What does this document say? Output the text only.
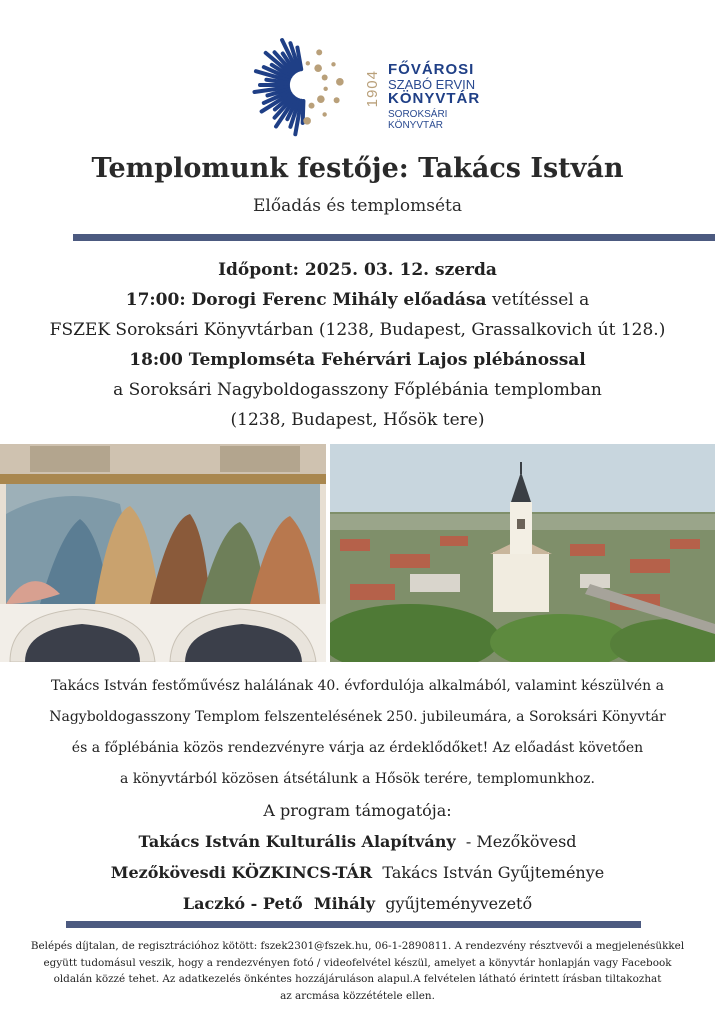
1904
FŐVÁROSI
SZABÓ ERVIN
KÖNYVTÁR
SOROKSÁRI KÖNYVTÁR
Templomunk festője: Takács István
Előadás és templomséta
Időpont: 2025. 03. 12. szerda
17:00: Dorogi Ferenc Mihály előadása vetítéssel a
FSZEK Soroksári Könyvtárban (1238, Budapest, Grassalkovich út 128.)
18:00 Templomséta Fehérvári Lajos plébánossal
a Soroksári Nagyboldogasszony Főplébánia templomban
(1238, Budapest, Hősök tere)
Takács István festőművész halálának 40. évfordulója alkalmából, valamint készülvén a
Nagyboldogasszony Templom felszentelésének 250. jubileumára, a Soroksári Könyvtár
és a főplébánia közös rendezvényre várja az érdeklődőket! Az előadást követően
a könyvtárból közösen átsétálunk a Hősök terére, templomunkhoz.
A program támogatója:
Takács István Kulturális Alapítvány  - Mezőkövesd
Mezőkövesdi KÖZKINCS-TÁR  Takács István Gyűjteménye
Laczkó - Pető  Mihály  gyűjteményvezető
Belépés díjtalan, de regisztrációhoz kötött: fszek2301@fszek.hu, 06-1-2890811. A rendezvény résztvevői a megjelenésükkel
együtt tudomásul veszik, hogy a rendezvényen fotó / videofelvétel készül, amelyet a könyvtár honlapján vagy Facebook
oldalán közzé tehet. Az adatkezelés önkéntes hozzájáruláson alapul.A felvételen látható érintett írásban tiltakozhat
az arcmása közzététele ellen.
